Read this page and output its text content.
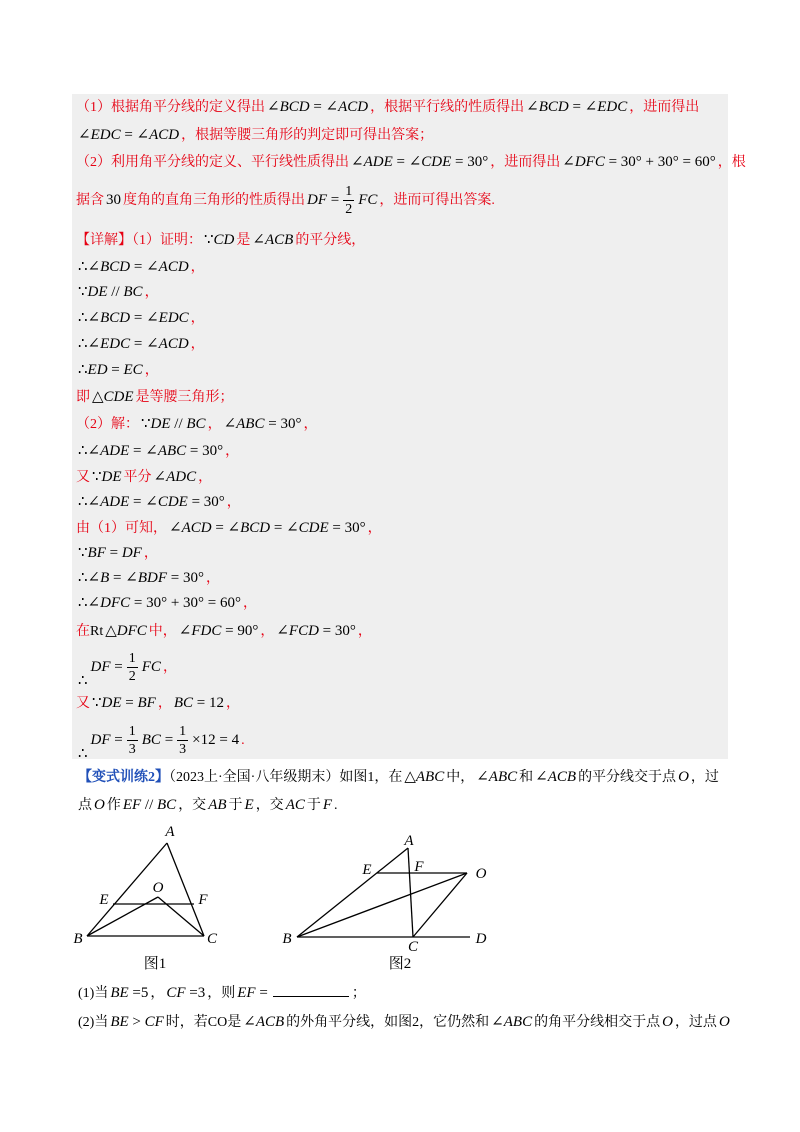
A
B	C
E	F
O
图1
A
B	C	D
E	F	O
图2
（1）根据角平分线的定义得出 ∠BCD = ∠ACD ，根据平行线的性质得出 ∠BCD = ∠EDC ，进而得出
∠EDC = ∠ACD ，根据等腰三角形的判定即可得出答案；
（2）利用角平分线的定义、平行线性质得出 ∠ADE = ∠CDE = 30° ，进而得出 ∠DFC = 30° + 30° = 60° ，根
据含 30 度角的直角三角形的性质得出 DF = $\frac{1}{2}$ FC ，进而可得出答案.
【详解】（1）证明： ∵CD 是 ∠ACB 的平分线，
∴∠BCD = ∠ACD ，
∵DE // BC ，
∴∠BCD = ∠EDC ，
∴∠EDC = ∠ACD ，
∴ED = EC ，
即 △CDE 是等腰三角形；
（2）解： ∵DE // BC ， ∠ABC = 30° ，
∴∠ADE = ∠ABC = 30° ，
又 ∵DE 平分 ∠ADC ，
∴∠ADE = ∠CDE = 30° ，
由（1）可知， ∠ACD = ∠BCD = ∠CDE = 30° ，
∵BF = DF ，
∴∠B = ∠BDF = 30° ，
∴∠DFC = 30° + 30° = 60° ，
在Rt △DFC 中， ∠FDC = 90° ， ∠FCD = 30° ，
∴DF = $\frac{1}{2}$ FC ，
又 ∵DE = BF ， BC = 12 ，
∴DF = $\frac{1}{3}$ BC = $\frac{1}{3} \times 12 = 4$ .
【变式训练2】（2023上·全国·八年级期末）如图1，在 △ABC 中， ∠ABC 和 ∠ACB 的平分线交于点 O ，过
点 O 作 EF // BC ，交 AB 于 E ，交 AC 于 F .
(1)当 BE =5 ， CF =3 ，则 EF =	；
(2)当 BE > CF 时，若CO是 ∠ACB 的外角平分线，如图2，它仍然和 ∠ABC 的角平分线相交于点 O ，过点 O
